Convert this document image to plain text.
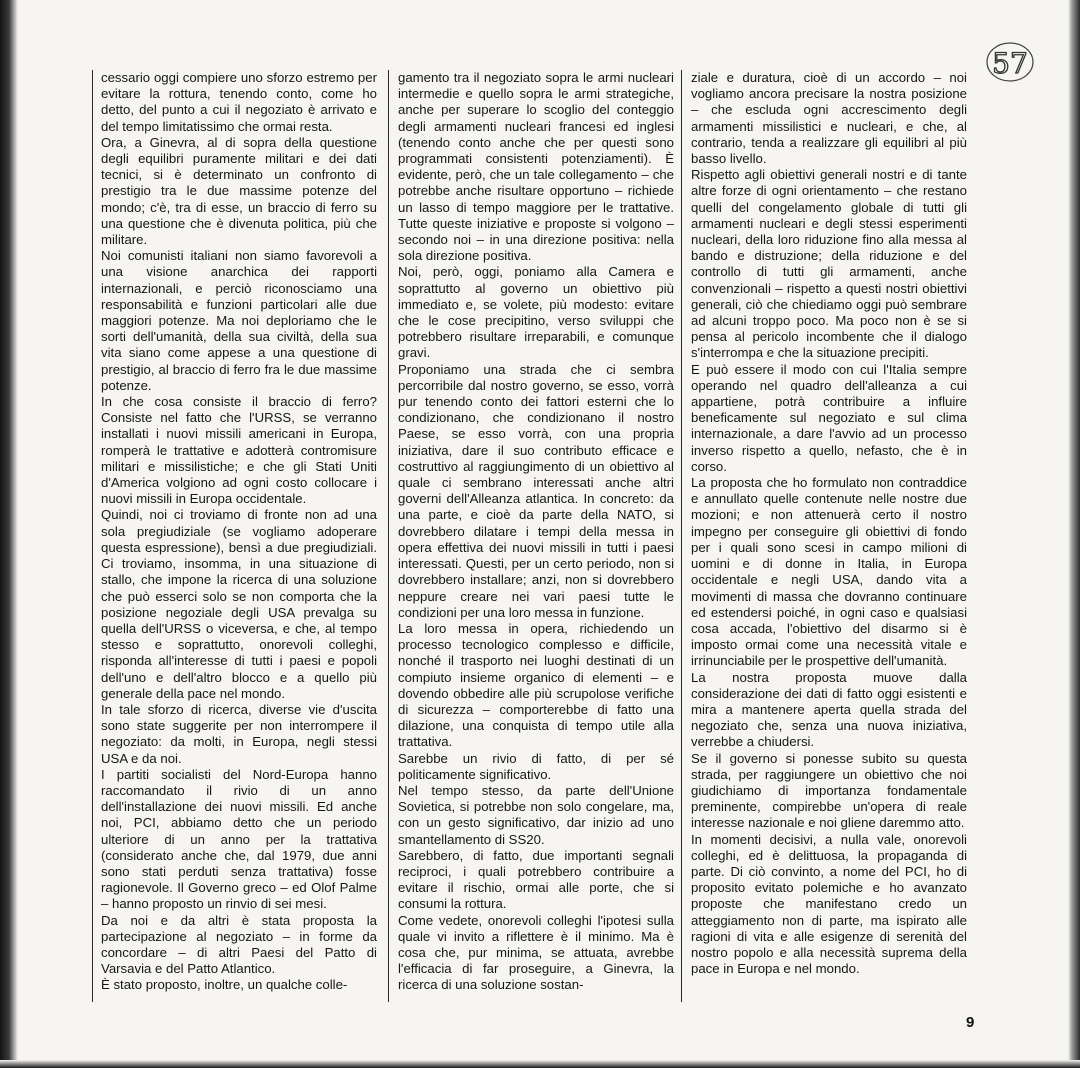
57

cessario oggi compiere uno sforzo estremo per evitare la rottura, tenendo conto, come ho detto, del punto a cui il negoziato è arrivato e del tempo limitatissimo che ormai resta.

Ora, a Ginevra, al di sopra della questione degli equilibri puramente militari e dei dati tecnici, si è determinato un confronto di prestigio tra le due massime potenze del mondo; c'è, tra di esse, un braccio di ferro su una questione che è divenuta politica, più che militare.

Noi comunisti italiani non siamo favorevoli a una visione anarchica dei rapporti internazionali, e perciò riconosciamo una responsabilità e funzioni particolari alle due maggiori potenze. Ma noi deploriamo che le sorti dell'umanità, della sua civiltà, della sua vita siano come appese a una questione di prestigio, al braccio di ferro fra le due massime potenze.

In che cosa consiste il braccio di ferro? Consiste nel fatto che l'URSS, se verranno installati i nuovi missili americani in Europa, romperà le trattative e adotterà contromisure militari e missilistiche; e che gli Stati Uniti d'America volgiono ad ogni costo collocare i nuovi missili in Europa occidentale.

Quindi, noi ci troviamo di fronte non ad una sola pregiudiziale (se vogliamo adoperare questa espressione), bensì a due pregiudiziali. Ci troviamo, insomma, in una situazione di stallo, che impone la ricerca di una soluzione che può esserci solo se non comporta che la posizione negoziale degli USA prevalga su quella dell'URSS o viceversa, e che, al tempo stesso e soprattutto, onorevoli colleghi, risponda all'interesse di tutti i paesi e popoli dell'uno e dell'altro blocco e a quello più generale della pace nel mondo.

In tale sforzo di ricerca, diverse vie d'uscita sono state suggerite per non interrompere il negoziato: da molti, in Europa, negli stessi USA e da noi.

I partiti socialisti del Nord-Europa hanno raccomandato il rivio di un anno dell'installazione dei nuovi missili. Ed anche noi, PCI, abbiamo detto che un periodo ulteriore di un anno per la trattativa (considerato anche che, dal 1979, due anni sono stati perduti senza trattativa) fosse ragionevole. Il Governo greco – ed Olof Palme – hanno proposto un rinvio di sei mesi.

Da noi e da altri è stata proposta la partecipazione al negoziato – in forme da concordare – di altri Paesi del Patto di Varsavia e del Patto Atlantico.

È stato proposto, inoltre, un qualche colle-

gamento tra il negoziato sopra le armi nucleari intermedie e quello sopra le armi strategiche, anche per superare lo scoglio del conteggio degli armamenti nucleari francesi ed inglesi (tenendo conto anche che per questi sono programmati consistenti potenziamenti). È evidente, però, che un tale collegamento – che potrebbe anche risultare opportuno – richiede un lasso di tempo maggiore per le trattative. Tutte queste iniziative e proposte si volgono – secondo noi – in una direzione positiva: nella sola direzione positiva.

Noi, però, oggi, poniamo alla Camera e soprattutto al governo un obiettivo più immediato e, se volete, più modesto: evitare che le cose precipitino, verso sviluppi che potrebbero risultare irreparabili, e comunque gravi.

Proponiamo una strada che ci sembra percorribile dal nostro governo, se esso, vorrà pur tenendo conto dei fattori esterni che lo condizionano, che condizionano il nostro Paese, se esso vorrà, con una propria iniziativa, dare il suo contributo efficace e costruttivo al raggiungimento di un obiettivo al quale ci sembrano interessati anche altri governi dell'Alleanza atlantica. In concreto: da una parte, e cioè da parte della NATO, si dovrebbero dilatare i tempi della messa in opera effettiva dei nuovi missili in tutti i paesi interessati. Questi, per un certo periodo, non si dovrebbero installare; anzi, non si dovrebbero neppure creare nei vari paesi tutte le condizioni per una loro messa in funzione.

La loro messa in opera, richiedendo un processo tecnologico complesso e difficile, nonché il trasporto nei luoghi destinati di un compiuto insieme organico di elementi – e dovendo obbedire alle più scrupolose verifiche di sicurezza – comporterebbe di fatto una dilazione, una conquista di tempo utile alla trattativa.

Sarebbe un rivio di fatto, di per sé politicamente significativo.

Nel tempo stesso, da parte dell'Unione Sovietica, si potrebbe non solo congelare, ma, con un gesto significativo, dar inizio ad uno smantellamento di SS20.

Sarebbero, di fatto, due importanti segnali reciproci, i quali potrebbero contribuire a evitare il rischio, ormai alle porte, che si consumi la rottura.

Come vedete, onorevoli colleghi l'ipotesi sulla quale vi invito a riflettere è il minimo. Ma è cosa che, pur minima, se attuata, avrebbe l'efficacia di far proseguire, a Ginevra, la ricerca di una soluzione sostan-

ziale e duratura, cioè di un accordo – noi vogliamo ancora precisare la nostra posizione – che escluda ogni accrescimento degli armamenti missilistici e nucleari, e che, al contrario, tenda a realizzare gli equilibri al più basso livello.

Rispetto agli obiettivi generali nostri e di tante altre forze di ogni orientamento – che restano quelli del congelamento globale di tutti gli armamenti nucleari e degli stessi esperimenti nucleari, della loro riduzione fino alla messa al bando e distruzione; della riduzione e del controllo di tutti gli armamenti, anche convenzionali – rispetto a questi nostri obiettivi generali, ciò che chiediamo oggi può sembrare ad alcuni troppo poco. Ma poco non è se si pensa al pericolo incombente che il dialogo s'interrompa e che la situazione precipiti.

E può essere il modo con cui l'Italia sempre operando nel quadro dell'alleanza a cui appartiene, potrà contribuire a influire beneficamente sul negoziato e sul clima internazionale, a dare l'avvio ad un processo inverso rispetto a quello, nefasto, che è in corso.

La proposta che ho formulato non contraddice e annullato quelle contenute nelle nostre due mozioni; e non attenuerà certo il nostro impegno per conseguire gli obiettivi di fondo per i quali sono scesi in campo milioni di uomini e di donne in Italia, in Europa occidentale e negli USA, dando vita a movimenti di massa che dovranno continuare ed estendersi poiché, in ogni caso e qualsiasi cosa accada, l'obiettivo del disarmo si è imposto ormai come una necessità vitale e irrinunciabile per le prospettive dell'umanità.

La nostra proposta muove dalla considerazione dei dati di fatto oggi esistenti e mira a mantenere aperta quella strada del negoziato che, senza una nuova iniziativa, verrebbe a chiudersi.

Se il governo si ponesse subito su questa strada, per raggiungere un obiettivo che noi giudichiamo di importanza fondamentale preminente, compirebbe un'opera di reale interesse nazionale e noi gliene daremmo atto.

In momenti decisivi, a nulla vale, onorevoli colleghi, ed è delittuosa, la propaganda di parte. Di ciò convinto, a nome del PCI, ho di proposito evitato polemiche e ho avanzato proposte che manifestano credo un atteggiamento non di parte, ma ispirato alle ragioni di vita e alle esigenze di serenità del nostro popolo e alla necessità suprema della pace in Europa e nel mondo.

9
